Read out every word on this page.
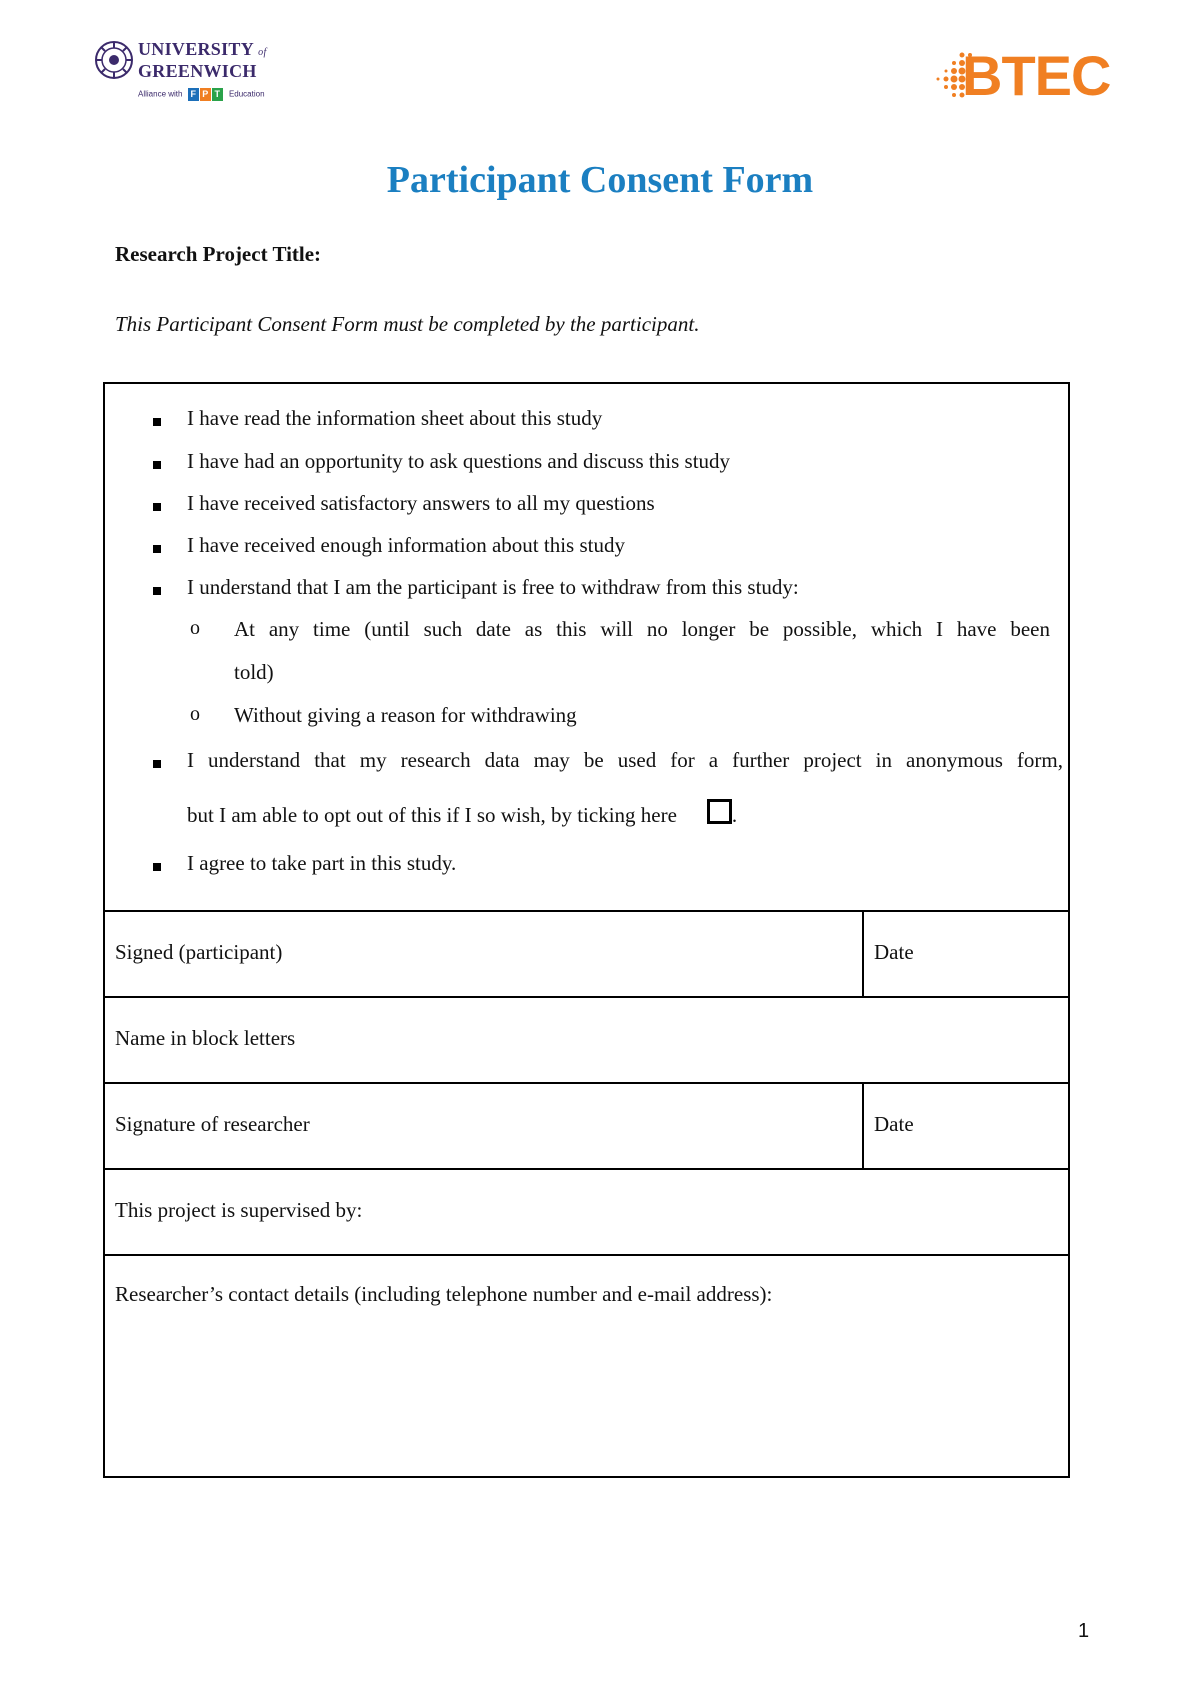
UNIVERSITY of
GREENWICH
Alliance with F P T Education	BTEC
Participant Consent Form
Research Project Title:
This Participant Consent Form must be completed by the participant.
I have read the information sheet about this study
I have had an opportunity to ask questions and discuss this study
I have received satisfactory answers to all my questions
I have received enough information about this study
I understand that I am the participant is free to withdraw from this study:
o At any time (until such date as this will no longer be possible, which I have been
told)
o Without giving a reason for withdrawing
I understand that my research data may be used for a further project in anonymous form,
but I am able to opt out of this if I so wish, by ticking here	.
I agree to take part in this study.
Signed (participant)	Date
Name in block letters
Signature of researcher	Date
This project is supervised by:
Researcher’s contact details (including telephone number and e-mail address):
1
